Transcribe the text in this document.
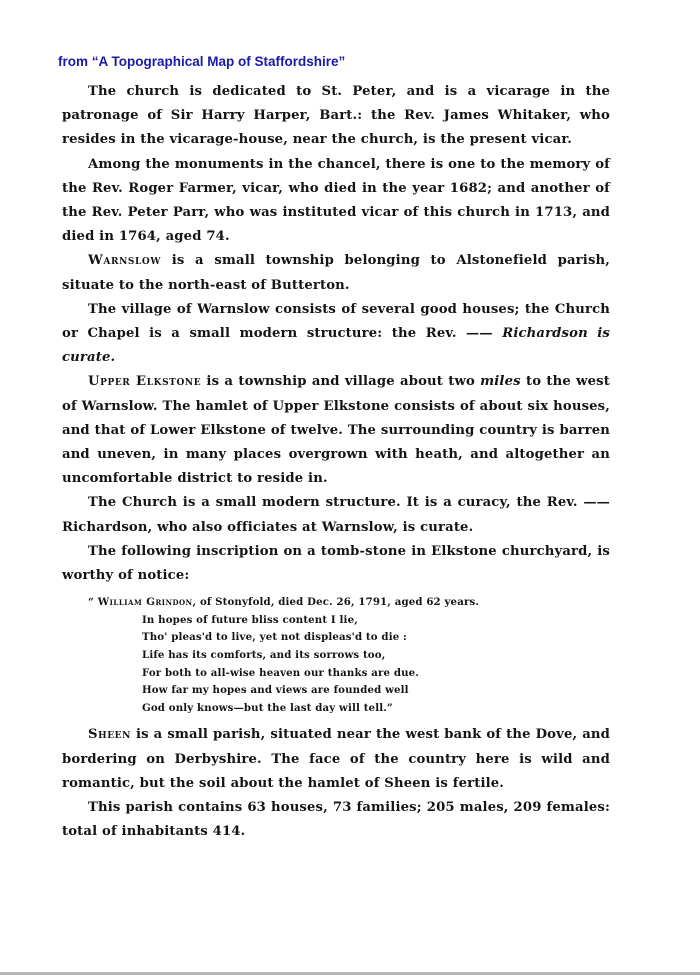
from “A Topographical Map of Staffordshire”

The church is dedicated to St. Peter, and is a vicarage in the patronage of Sir Harry Harper, Bart.: the Rev. James Whitaker, who resides in the vicarage-house, near the church, is the present vicar.

Among the monuments in the chancel, there is one to the memory of the Rev. Roger Farmer, vicar, who died in the year 1682; and another of the Rev. Peter Parr, who was instituted vicar of this church in 1713, and died in 1764, aged 74.

Warnslow is a small township belonging to Alstonefield parish, situate to the north-east of Butterton.

The village of Warnslow consists of several good houses; the Church or Chapel is a small modern structure: the Rev. —— Richardson is curate.

Upper Elkstone is a township and village about two miles to the west of Warnslow. The hamlet of Upper Elkstone consists of about six houses, and that of Lower Elkstone of twelve. The surrounding country is barren and uneven, in many places overgrown with heath, and altogether an uncomfortable district to reside in.

The Church is a small modern structure. It is a curacy, the Rev. —— Richardson, who also officiates at Warnslow, is curate.

The following inscription on a tomb-stone in Elkstone churchyard, is worthy of notice:

“ William Grindon, of Stonyfold, died Dec. 26, 1791, aged 62 years.

In hopes of future bliss content I lie,

Tho' pleas'd to live, yet not displeas'd to die :

Life has its comforts, and its sorrows too,

For both to all-wise heaven our thanks are due.

How far my hopes and views are founded well

God only knows—but the last day will tell.”

Sheen is a small parish, situated near the west bank of the Dove, and bordering on Derbyshire. The face of the country here is wild and romantic, but the soil about the hamlet of Sheen is fertile.

This parish contains 63 houses, 73 families; 205 males, 209 females: total of inhabitants 414.
